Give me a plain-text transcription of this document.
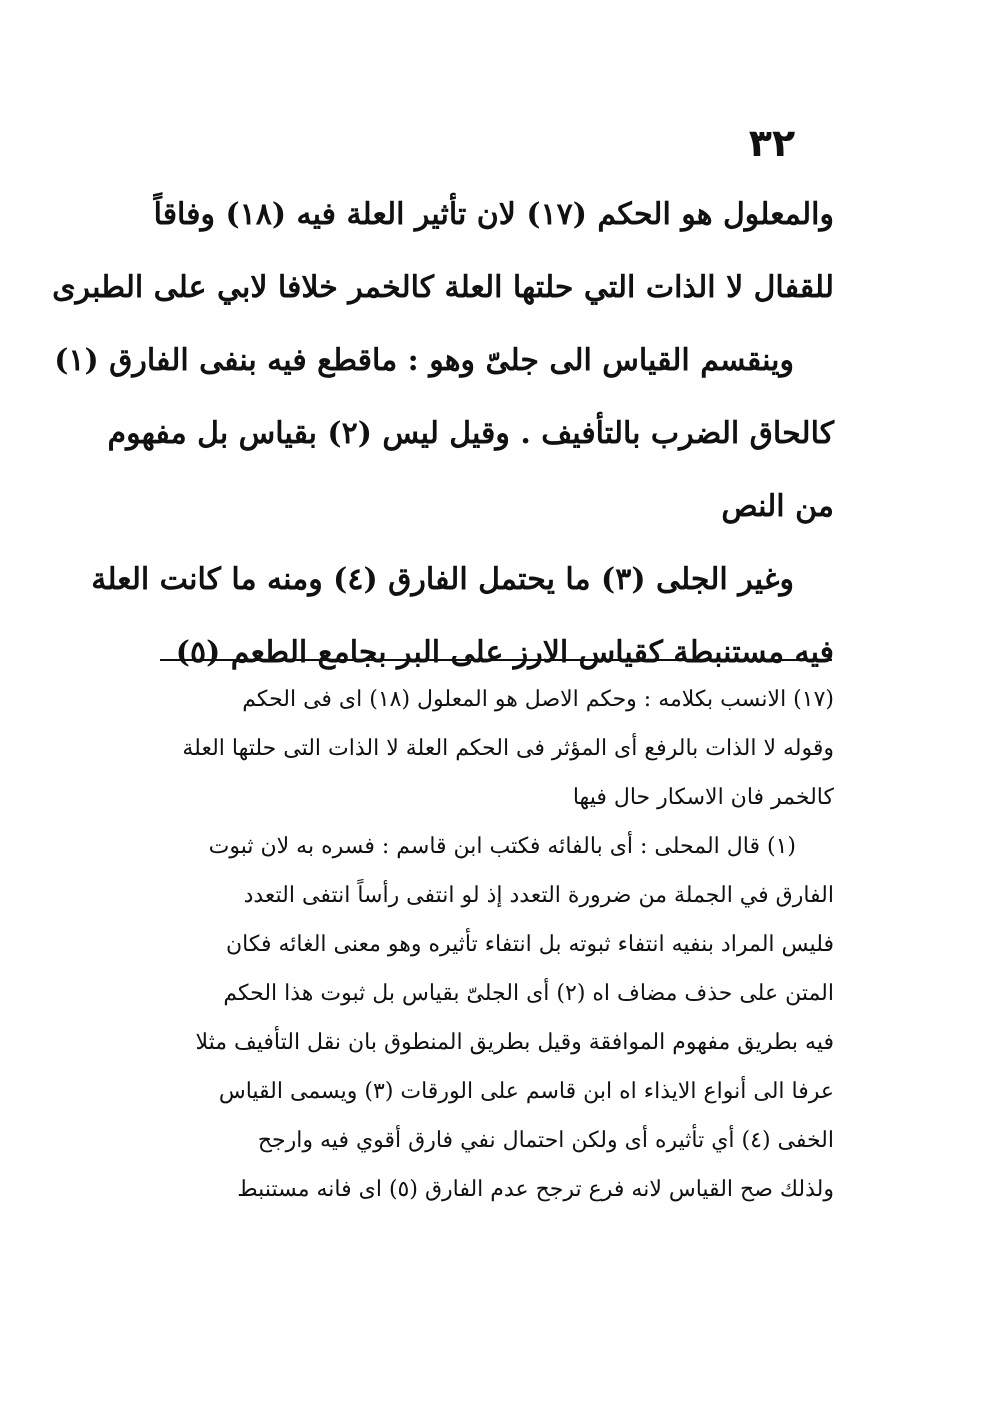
٣٢
والمعلول هو الحكم (١٧) لان تأثير العلة فيه (١٨) وفاقاً
للقفال لا الذات التي حلتها العلة كالخمر خلافا لابي على الطبرى
وينقسم القياس الى جلىّ وهو : ماقطع فيه بنفى الفارق (١)
كالحاق الضرب بالتأفيف . وقيل ليس (٢) بقياس بل مفهوم
من النص
وغير الجلى (٣) ما يحتمل الفارق (٤) ومنه ما كانت العلة
فيه مستنبطة كقياس الارز على البر بجامع الطعم (٥)
(١٧) الانسب بكلامه : وحكم الاصل هو المعلول (١٨) اى فى الحكم
وقوله لا الذات بالرفع أى المؤثر فى الحكم العلة لا الذات التى حلتها العلة
كالخمر فان الاسكار حال فيها
(١) قال المحلى : أى بالفائه فكتب ابن قاسم : فسره به لان ثبوت
الفارق في الجملة من ضرورة التعدد إذ لو انتفى رأساً انتفى التعدد
فليس المراد بنفيه انتفاء ثبوته بل انتفاء تأثيره وهو معنى الغائه فكان
المتن على حذف مضاف اه (٢) أى الجلىّ بقياس بل ثبوت هذا الحكم
فيه بطريق مفهوم الموافقة وقيل بطريق المنطوق بان نقل التأفيف مثلا
عرفا الى أنواع الايذاء اه ابن قاسم على الورقات (٣) ويسمى القياس
الخفى (٤) أي تأثيره أى ولكن احتمال نفي فارق أقوي فيه وارجح
ولذلك صح القياس لانه فرع ترجح عدم الفارق (٥) اى فانه مستنبط
